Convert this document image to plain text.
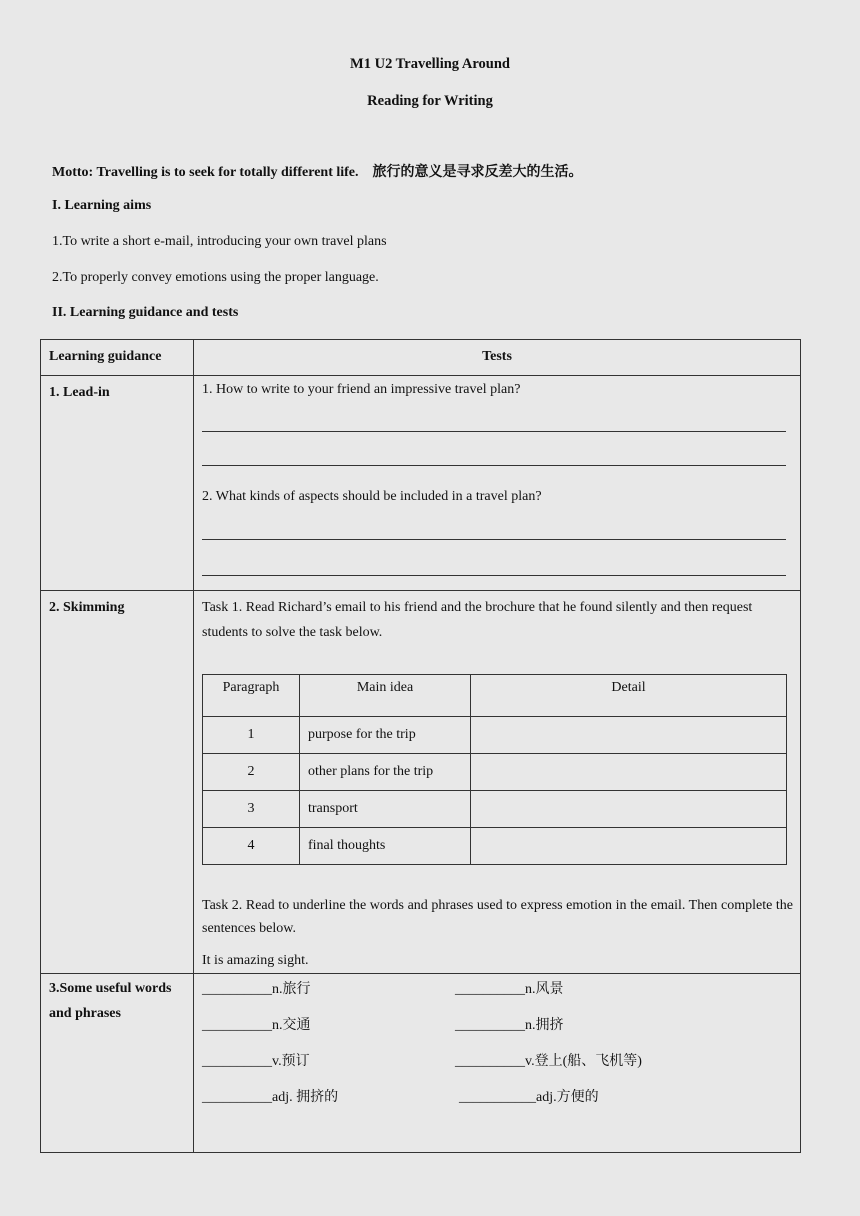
M1 U2 Travelling Around
Reading for Writing
Motto: Travelling is to seek for totally different life.　旅行的意义是寻求反差大的生活。
I. Learning aims
1.To write a short e-mail, introducing your own travel plans
2.To properly convey emotions using the proper language.
II. Learning guidance and tests
Learning guidance	Tests

1. Lead-in	1. How to write to your friend an impressive travel plan?
2. What kinds of aspects should be included in a travel plan?

2. Skimming	Task 1. Read Richard’s email to his friend and the brochure that he found silently and then request students to solve the task below.
Paragraph	Main idea	Detail
1	purpose for the trip	
2	other plans for the trip	
3	transport	
4	final thoughts	
Task 2. Read to underline the words and phrases used to express emotion in the email. Then complete the sentences below.
It is amazing sight.

3.Some useful words and phrases

__________n.旅行	__________n.风景
__________n.交通	__________n.拥挤
__________v.预订	__________v.登上(船、飞机等)
__________adj. 拥挤的	___________adj.方便的
